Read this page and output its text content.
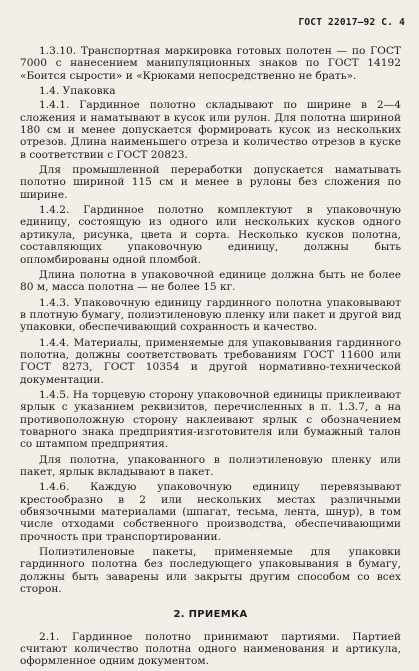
ГОСТ 22017—92 С. 4

1.3.10. Транспортная маркировка готовых полотен — по ГОСТ 7000 с нанесением манипуляционных знаков по ГОСТ 14192 «Боится сырости» и «Крюками непосредственно не брать».

1.4. Упаковка

1.4.1. Гардинное полотно складывают по ширине в 2—4 сложения и наматывают в кусок или рулон. Для полотна шириной 180 см и менее допускается формировать кусок из нескольких отрезов. Длина наименьшего отреза и количество отрезов в куске в соответствии с ГОСТ 20823.

Для промышленной переработки допускается наматывать полотно шириной 115 см и менее в рулоны без сложения по ширине.

1.4.2. Гардинное полотно комплектуют в упаковочную единицу, состоящую из одного или нескольких кусков одного артикула, рисунка, цвета и сорта. Несколько кусков полотна, составляющих упаковочную единицу, должны быть опломбированы одной пломбой.

Длина полотна в упаковочной единице должна быть не более 80 м, масса полотна — не более 15 кг.

1.4.3. Упаковочную единицу гардинного полотна упаковывают в плотную бумагу, полиэтиленовую пленку или пакет и другой вид упаковки, обеспечивающий сохранность и качество.

1.4.4. Материалы, применяемые для упаковывания гардинного полотна, должны соответствовать требованиям ГОСТ 11600 или ГОСТ 8273, ГОСТ 10354 и другой нормативно-технической документации.

1.4.5. На торцевую сторону упаковочной единицы приклеивают ярлык с указанием реквизитов, перечисленных в п. 1.3.7, а на противоположную сторону наклеивают ярлык с обозначением товарного знака предприятия-изготовителя или бумажный талон со штампом предприятия.

Для полотна, упакованного в полиэтиленовую пленку или пакет, ярлык вкладывают в пакет.

1.4.6. Каждую упаковочную единицу перевязывают крестообразно в 2 или нескольких местах различными обвязочными материалами (шпагат, тесьма, лента, шнур), в том числе отходами собственного производства, обеспечивающими прочность при транспортировании.

Полиэтиленовые пакеты, применяемые для упаковки гардинного полотна без последующего упаковывания в бумагу, должны быть заварены или закрыты другим способом со всех сторон.

2. ПРИЕМКА

2.1. Гардинное полотно принимают партиями. Партией считают количество полотна одного наименования и артикула, оформленное одним документом.
